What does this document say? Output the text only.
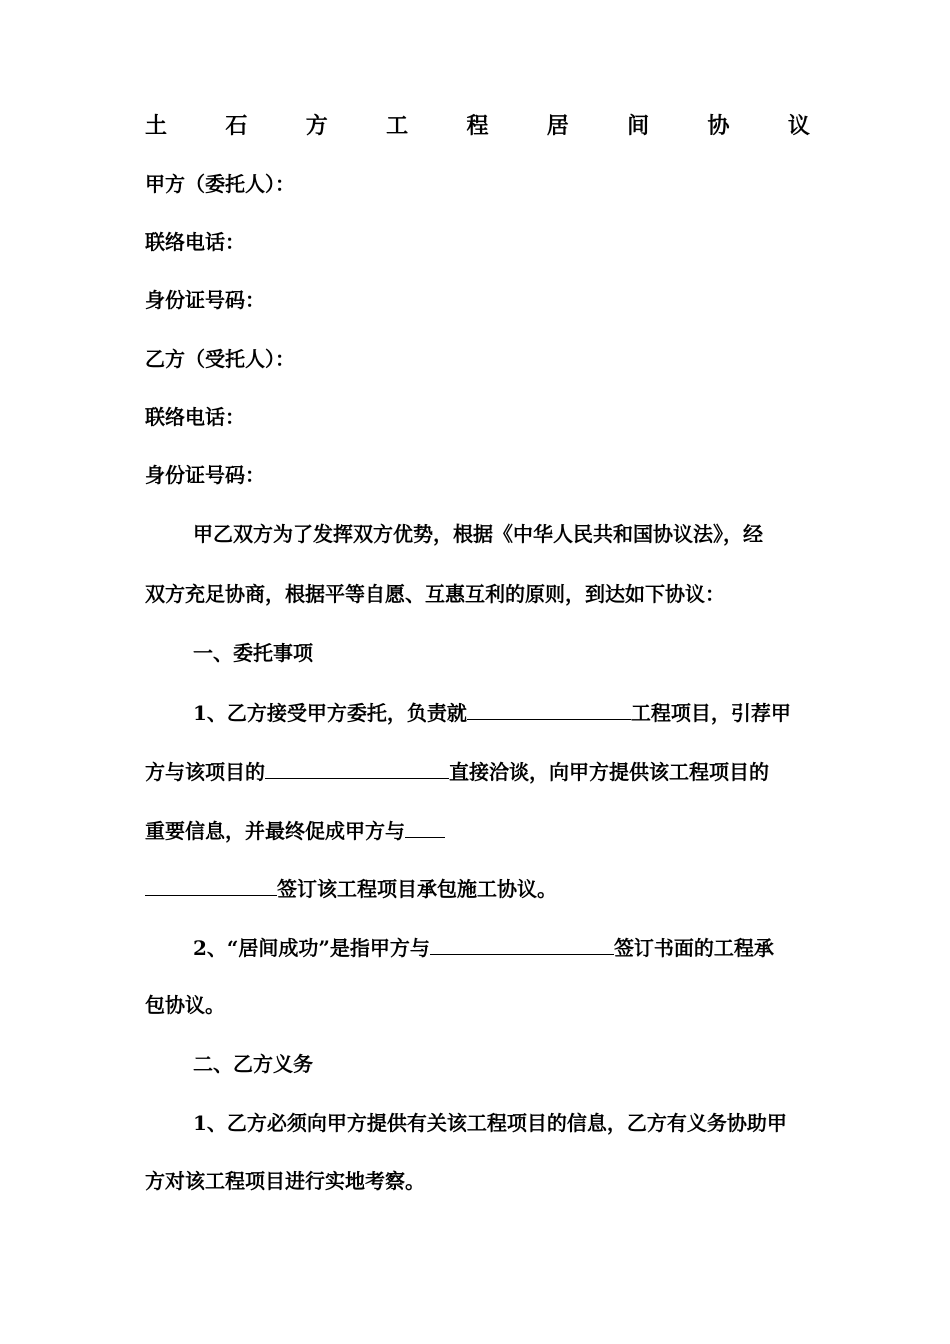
土	石	方	工	程	居	间	协	议
甲方（委托人）：
联络电话：
身份证号码：
乙方（受托人）：
联络电话：
身份证号码：
甲乙双方为了发挥双方优势，根据《中华人民共和国协议法》，经
双方充足协商，根据平等自愿、互惠互利的原则，到达如下协议：
一、委托事项
1、乙方接受甲方委托，负责就	工程项目，引荐甲
方与该项目的	直接洽谈，向甲方提供该工程项目的
重要信息，并最终促成甲方与
签订该工程项目承包施工协议。
2、“居间成功”是指甲方与	签订书面的工程承
包协议。
二、乙方义务
1、乙方必须向甲方提供有关该工程项目的信息，乙方有义务协助甲
方对该工程项目进行实地考察。
